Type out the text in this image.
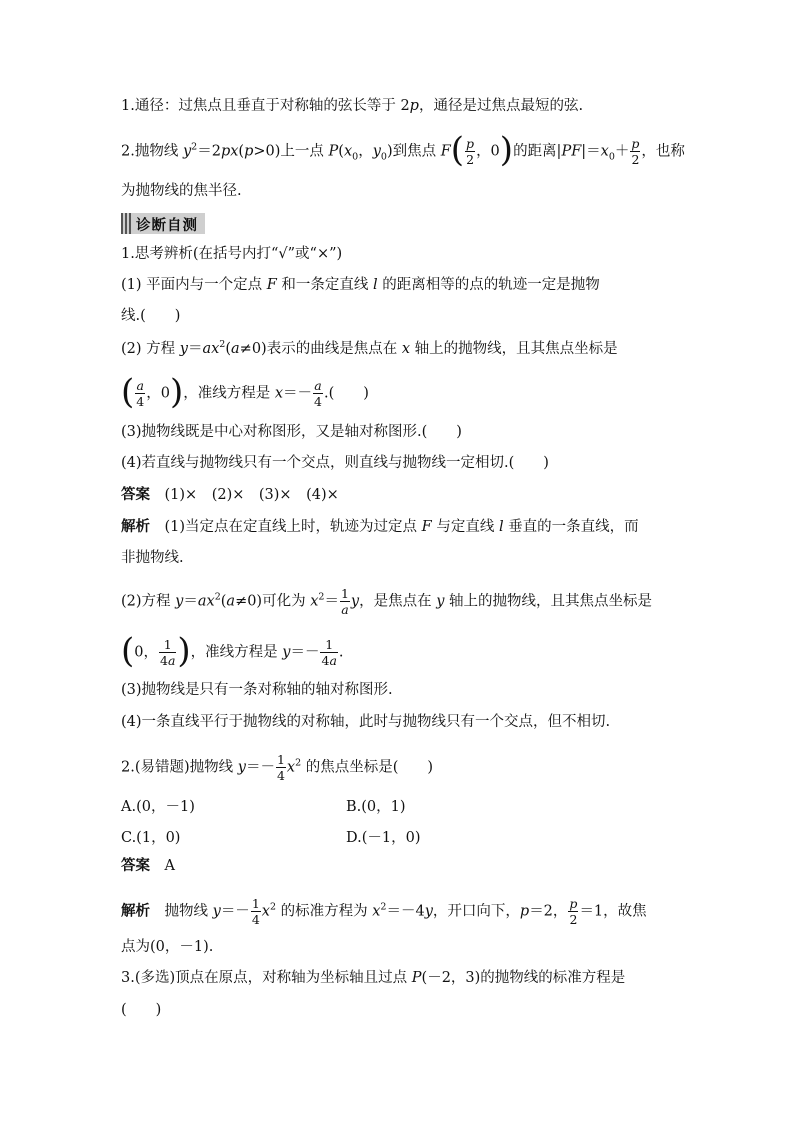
1.通径：过焦点且垂直于对称轴的弦长等于 2p，通径是过焦点最短的弦.
2.抛物线 $y^2=2px(p>0)$上一点 $P(x_0$，$y_0$)到焦点 $F( \frac{p}{2}$ ，0)的距离$|PF|=x_0+ \frac{p}{2}$ ，也称
为抛物线的焦半径.
诊断自测
1.思考辨析(在括号内打“√”或“×”)
(1) 平面内与一个定点 F 和一条定直线 l 的距离相等的点的轨迹一定是抛物
线.(　　)
(2) 方程 $y=ax^2(a\ne 0)$表示的曲线是焦点在 x 轴上的抛物线，且其焦点坐标是
( $\frac{a}{4}$ ，0)，准线方程是 $x=- \frac{a}{4}$ .(　　)
(3)抛物线既是中心对称图形，又是轴对称图形.(　　)
(4)若直线与抛物线只有一个交点，则直线与抛物线一定相切.(　　)
答案　 (1)×　(2)×　(3)×　(4)×
解析　(1)当定点在定直线上时，轨迹为过定点 F 与定直线 l 垂直的一条直线，而
非抛物线.
(2)方程 $y=ax^2(a\ne 0)$可化为 $x^2= \frac{1}{a}$ y，是焦点在 y 轴上的抛物线，且其焦点坐标是
(0， $\frac{1}{4a}$ )，准线方程是 $y=- \frac{1}{4a}$ .
(3)抛物线是只有一条对称轴的轴对称图形.
(4)一条直线平行于抛物线的对称轴，此时与抛物线只有一个交点，但不相切.
2.(易错题)抛物线 $y=- \frac{1}{4} x^2$ 的焦点坐标是(　　)
A.(0，－1)	B.(0，1)
C.(1，0)	D.(－1，0)
答案　 A
解析　抛物线 $y=- \frac{1}{4} x^2$ 的标准方程为 $x^2=-4y$，开口向下，p＝2， $\frac{p}{2} =1$，故焦
点为(0，－1).
3.(多选)顶点在原点，对称轴为坐标轴且过点 P(－2，3)的抛物线的标准方程是
(　　)
